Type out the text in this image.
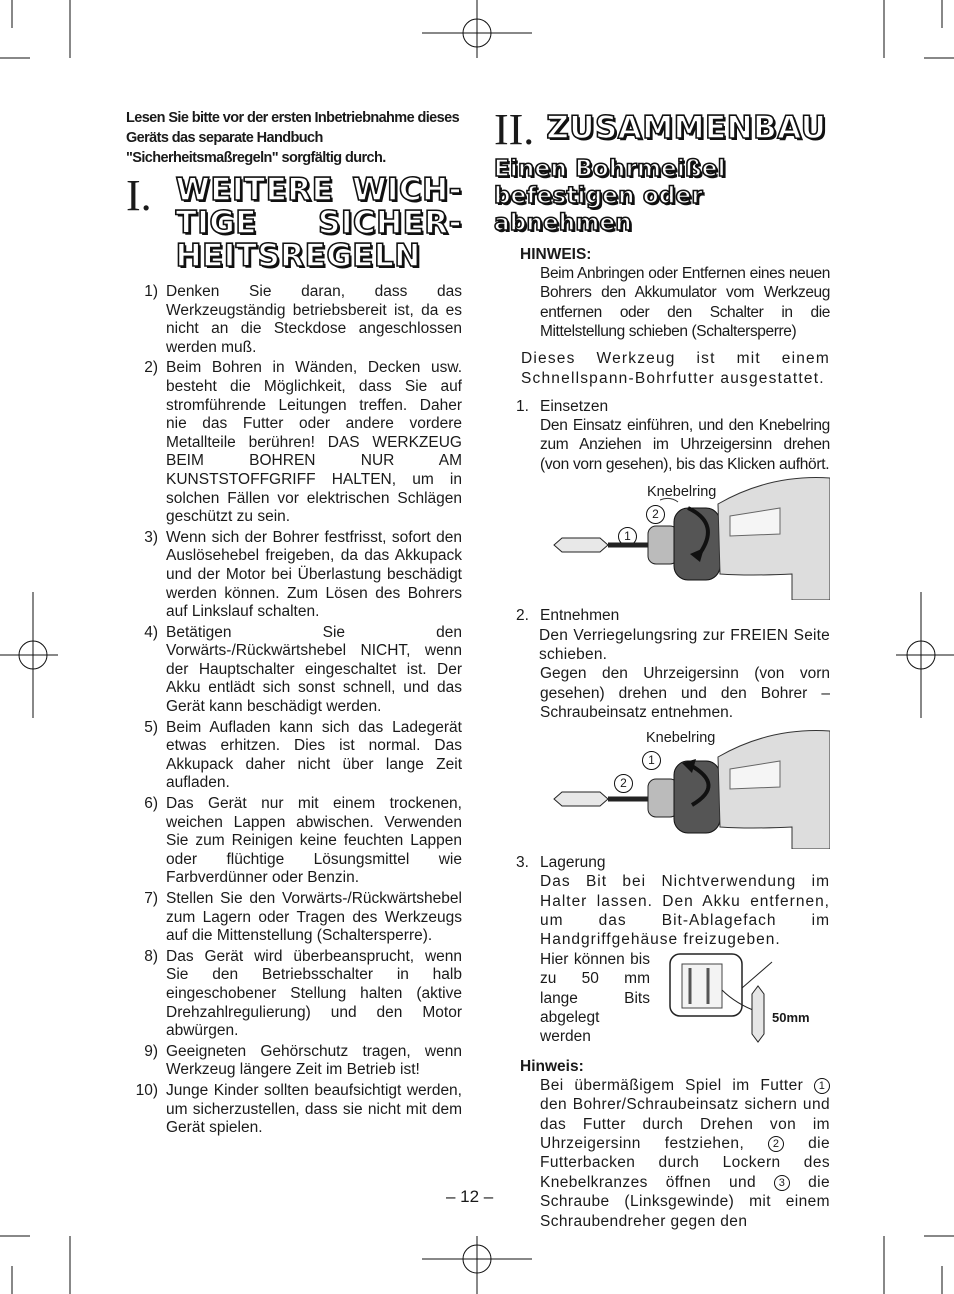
Lesen Sie bitte vor der ersten Inbetriebnahme dieses Geräts das separate Handbuch "Sicherheitsmaßregeln" sorgfältig durch.
I. WEITERE WICH-TIGE SICHER-HEITSREGELN
1) Denken Sie daran, dass das Werkzeugständig betriebsbereit ist, da es nicht an die Steckdose angeschlossen werden muß.
2) Beim Bohren in Wänden, Decken usw. besteht die Möglichkeit, dass Sie auf stromführende Leitungen treffen. Daher nie das Futter oder andere vordere Metallteile berühren! DAS WERKZEUG BEIM BOHREN NUR AM KUNSTSTOFFGRIFF HALTEN, um in solchen Fällen vor elektrischen Schlägen geschützt zu sein.
3) Wenn sich der Bohrer festfrisst, sofort den Auslösehebel freigeben, da das Akkupack und der Motor bei Überlastung beschädigt werden können. Zum Lösen des Bohrers auf Linkslauf schalten.
4) Betätigen Sie den Vorwärts-/Rückwärtshebel NICHT, wenn der Hauptschalter eingeschaltet ist. Der Akku entlädt sich sonst schnell, und das Gerät kann beschädigt werden.
5) Beim Aufladen kann sich das Ladegerät etwas erhitzen. Dies ist normal. Das Akkupack daher nicht über lange Zeit aufladen.
6) Das Gerät nur mit einem trockenen, weichen Lappen abwischen. Verwenden Sie zum Reinigen keine feuchten Lappen oder flüchtige Lösungsmittel wie Farbverdünner oder Benzin.
7) Stellen Sie den Vorwärts-/Rückwärtshebel zum Lagern oder Tragen des Werkzeugs auf die Mittenstellung (Schaltersperre).
8) Das Gerät wird überbeansprucht, wenn Sie den Betriebsschalter in halb eingeschobener Stellung halten (aktive Drehzahlregulierung) und den Motor abwürgen.
9) Geeigneten Gehörschutz tragen, wenn Werkzeug längere Zeit im Betrieb ist!
10) Junge Kinder sollten beaufsichtigt werden, um sicherzustellen, dass sie nicht mit dem Gerät spielen.
II. ZUSAMMENBAU
Einen Bohrmeißel befestigen oder abnehmen
HINWEIS:
Beim Anbringen oder Entfernen eines neuen Bohrers den Akkumulator vom Werkzeug entfernen oder den Schalter in die Mittelstellung schieben (Schaltersperre)
Dieses Werkzeug ist mit einem Schnellspann-Bohrfutter ausgestattet.
1. Einsetzen
Den Einsatz einführen, und den Knebelring zum Anziehen im Uhrzeigersinn drehen (von vorn gesehen), bis das Klicken aufhört.
Knebelring
2
1
2. Entnehmen
Den Verriegelungsring zur FREIEN Seite schieben.
Gegen den Uhrzeigersinn (von vorn gesehen) drehen und den Bohrer – Schraubeinsatz entnehmen.
Knebelring
1
2
3. Lagerung
Das Bit bei Nichtverwendung im Halter lassen. Den Akku entfernen, um das Bit-Ablagefach im Handgriffgehäuse freizugeben.
Hier können bis zu 50 mm lange Bits abgelegt werden
50mm
Hinweis:
Bei übermäßigem Spiel im Futter 1 den Bohrer/Schraubeinsatz sichern und das Futter durch Drehen von im Uhrzeigersinn festziehen,	2 die Futterbacken durch Lockern des Knebelkranzes öffnen und 3 die Schraube (Linksgewinde) mit einem Schraubendreher gegen den
– 12 –
